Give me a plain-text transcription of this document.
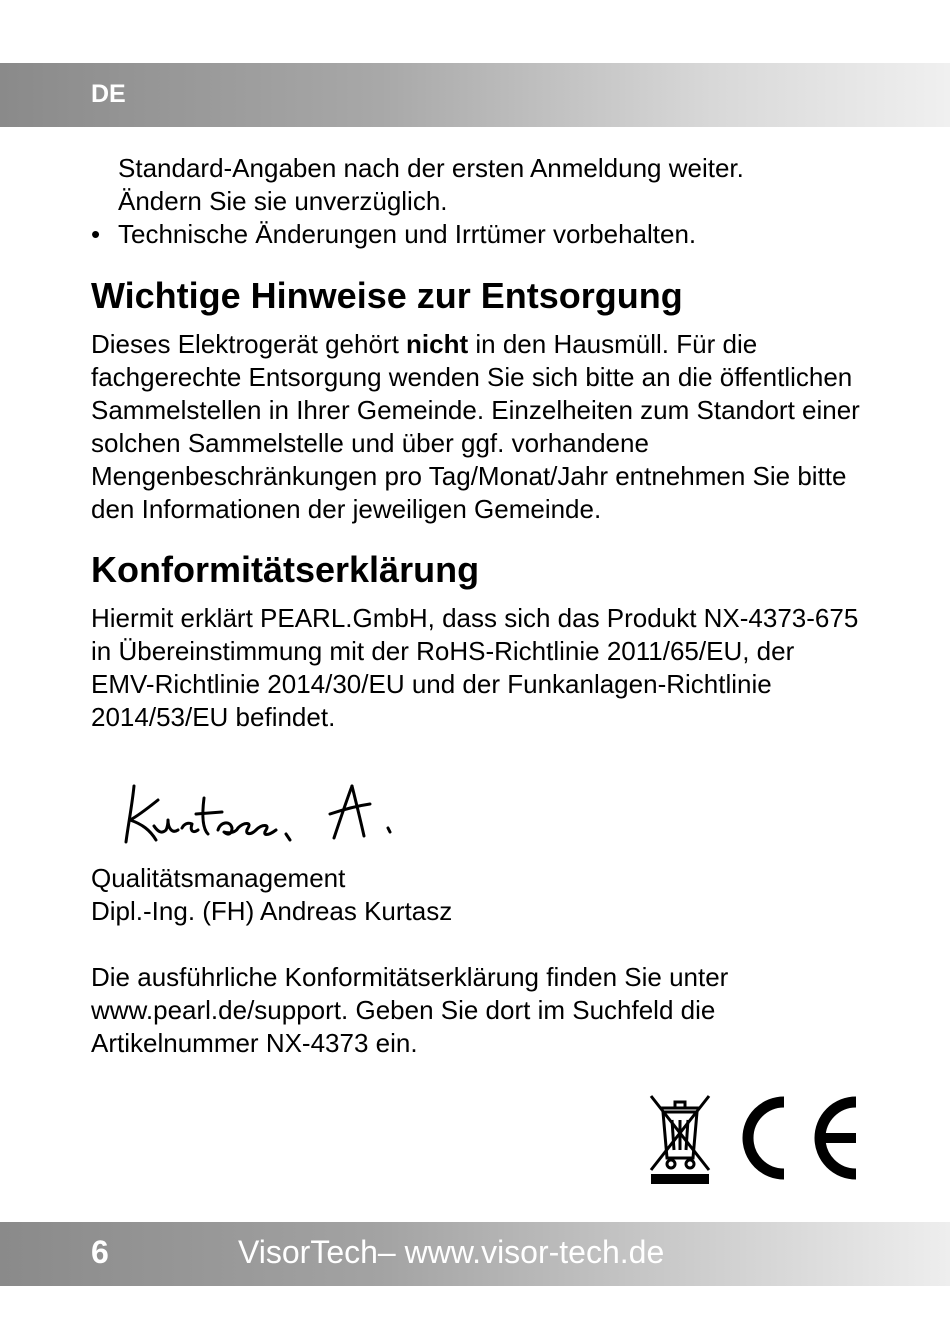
DE
Standard-Angaben nach der ersten Anmeldung weiter.
Ändern Sie sie unverzüglich.
• Technische Änderungen und Irrtümer vorbehalten.
Wichtige Hinweise zur Entsorgung

Dieses Elektrogerät gehört nicht in den Hausmüll. Für die fachgerechte Entsorgung wenden Sie sich bitte an die öffentlichen Sammelstellen in Ihrer Gemeinde. Einzelheiten zum Standort einer solchen Sammelstelle und über ggf. vorhandene Mengenbeschränkungen pro Tag/Monat/Jahr entnehmen Sie bitte den Informationen der jeweiligen Gemeinde.

Konformitätserklärung

Hiermit erklärt PEARL.GmbH, dass sich das Produkt NX-4373-675 in Übereinstimmung mit der RoHS-Richtlinie 2011/65/EU, der EMV-Richtlinie 2014/30/EU und der Funkanlagen-Richtlinie 2014/53/EU befindet.

Qualitätsmanagement
Dipl.-Ing. (FH) Andreas Kurtasz

Die ausführliche Konformitätserklärung finden Sie unter www.pearl.de/support. Geben Sie dort im Suchfeld die Artikelnummer NX-4373 ein.

6	VisorTech– www.visor-tech.de
